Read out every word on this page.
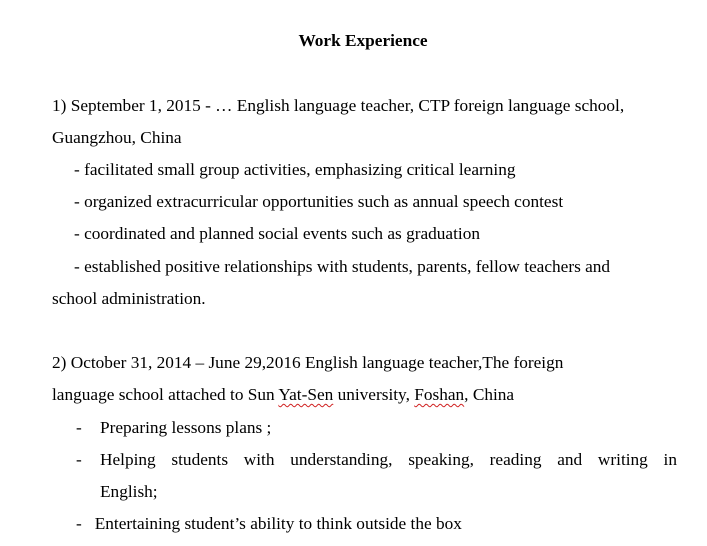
Work Experience
1) September 1, 2015 - … English language teacher, CTP foreign language school,
Guangzhou, China
- facilitated small group activities, emphasizing critical learning
- organized extracurricular opportunities such as annual speech contest
- coordinated and planned social events such as graduation
- established positive relationships with students, parents, fellow teachers and
school administration.
2) October 31, 2014 – June 29,2016 English language teacher,The foreign
language school attached to Sun Yat-Sen university, Foshan, China
- Preparing lessons plans ;
- Helping students with understanding, speaking, reading and writing in
English;
-   Entertaining student’s ability to think outside the box
